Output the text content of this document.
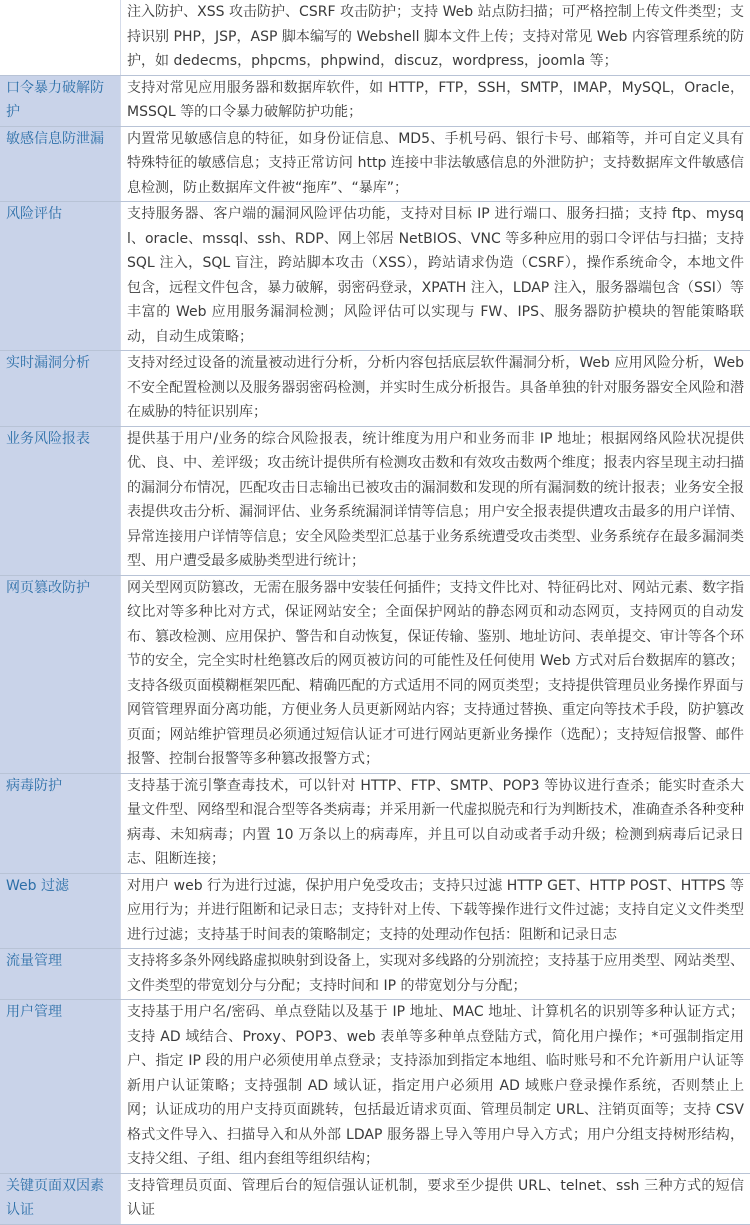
	注入防护、XSS 攻击防护、CSRF 攻击防护；支持 Web 站点防扫描；可严格控制上传文件类型；支持识别 PHP，JSP，ASP 脚本编写的 Webshell 脚本文件上传；支持对常见 Web 内容管理系统的防护，如 dedecms，phpcms，phpwind，discuz，wordpress，joomla 等；
口令暴力破解防护	支持对常见应用服务器和数据库软件，如 HTTP，FTP，SSH，SMTP，IMAP，MySQL，Oracle，MSSQL 等的口令暴力破解防护功能；
敏感信息防泄漏	内置常见敏感信息的特征，如身份证信息、MD5、手机号码、银行卡号、邮箱等，并可自定义具有特殊特征的敏感信息；支持正常访问 http 连接中非法敏感信息的外泄防护；支持数据库文件敏感信息检测，防止数据库文件被“拖库”、“暴库”；
风险评估	支持服务器、客户端的漏洞风险评估功能，支持对目标 IP 进行端口、服务扫描；支持 ftp、mysql、oracle、mssql、ssh、RDP、网上邻居 NetBIOS、VNC 等多种应用的弱口令评估与扫描；支持 SQL 注入，SQL 盲注，跨站脚本攻击（XSS），跨站请求伪造（CSRF），操作系统命令，本地文件包含，远程文件包含，暴力破解，弱密码登录，XPATH 注入，LDAP 注入，服务器端包含（SSI）等丰富的 Web 应用服务漏洞检测；风险评估可以实现与 FW、IPS、服务器防护模块的智能策略联动，自动生成策略；
实时漏洞分析	支持对经过设备的流量被动进行分析，分析内容包括底层软件漏洞分析，Web 应用风险分析，Web 不安全配置检测以及服务器弱密码检测，并实时生成分析报告。具备单独的针对服务器安全风险和潜在威胁的特征识别库；
业务风险报表	提供基于用户/业务的综合风险报表，统计维度为用户和业务而非 IP 地址；根据网络风险状况提供优、良、中、差评级；攻击统计提供所有检测攻击数和有效攻击数两个维度；报表内容呈现主动扫描的漏洞分布情况，匹配攻击日志输出已被攻击的漏洞数和发现的所有漏洞数的统计报表；业务安全报表提供攻击分析、漏洞评估、业务系统漏洞详情等信息；用户安全报表提供遭攻击最多的用户详情、异常连接用户详情等信息；安全风险类型汇总基于业务系统遭受攻击类型、业务系统存在最多漏洞类型、用户遭受最多威胁类型进行统计；
网页篡改防护	网关型网页防篡改，无需在服务器中安装任何插件；支持文件比对、特征码比对、网站元素、数字指纹比对等多种比对方式，保证网站安全；全面保护网站的静态网页和动态网页，支持网页的自动发布、篡改检测、应用保护、警告和自动恢复，保证传输、鉴别、地址访问、表单提交、审计等各个环节的安全，完全实时杜绝篡改后的网页被访问的可能性及任何使用 Web 方式对后台数据库的篡改；支持各级页面模糊框架匹配、精确匹配的方式适用不同的网页类型；支持提供管理员业务操作界面与网管管理界面分离功能，方便业务人员更新网站内容；支持通过替换、重定向等技术手段，防护篡改页面；网站维护管理员必须通过短信认证才可进行网站更新业务操作（选配）；支持短信报警、邮件报警、控制台报警等多种篡改报警方式；
病毒防护	支持基于流引擎查毒技术，可以针对 HTTP、FTP、SMTP、POP3 等协议进行查杀；能实时查杀大量文件型、网络型和混合型等各类病毒；并采用新一代虚拟脱壳和行为判断技术，准确查杀各种变种病毒、未知病毒；内置 10 万条以上的病毒库，并且可以自动或者手动升级；检测到病毒后记录日志、阻断连接；
Web 过滤	对用户 web 行为进行过滤，保护用户免受攻击；支持只过滤 HTTP GET、HTTP POST、HTTPS 等应用行为；并进行阻断和记录日志；支持针对上传、下载等操作进行文件过滤；支持自定义文件类型进行过滤；支持基于时间表的策略制定；支持的处理动作包括：阻断和记录日志
流量管理	支持将多条外网线路虚拟映射到设备上，实现对多线路的分别流控；支持基于应用类型、网站类型、文件类型的带宽划分与分配；支持时间和 IP 的带宽划分与分配；
用户管理	支持基于用户名/密码、单点登陆以及基于 IP 地址、MAC 地址、计算机名的识别等多种认证方式；支持 AD 域结合、Proxy、POP3、web 表单等多种单点登陆方式，简化用户操作；*可强制指定用户、指定 IP 段的用户必须使用单点登录；支持添加到指定本地组、临时账号和不允许新用户认证等新用户认证策略；支持强制 AD 域认证，指定用户必须用 AD 域账户登录操作系统，否则禁止上网；认证成功的用户支持页面跳转，包括最近请求页面、管理员制定 URL、注销页面等；支持 CSV 格式文件导入、扫描导入和从外部 LDAP 服务器上导入等用户导入方式；用户分组支持树形结构，支持父组、子组、组内套组等组织结构；
关键页面双因素认证	支持管理员页面、管理后台的短信强认证机制，要求至少提供 URL、telnet、ssh 三种方式的短信认证
